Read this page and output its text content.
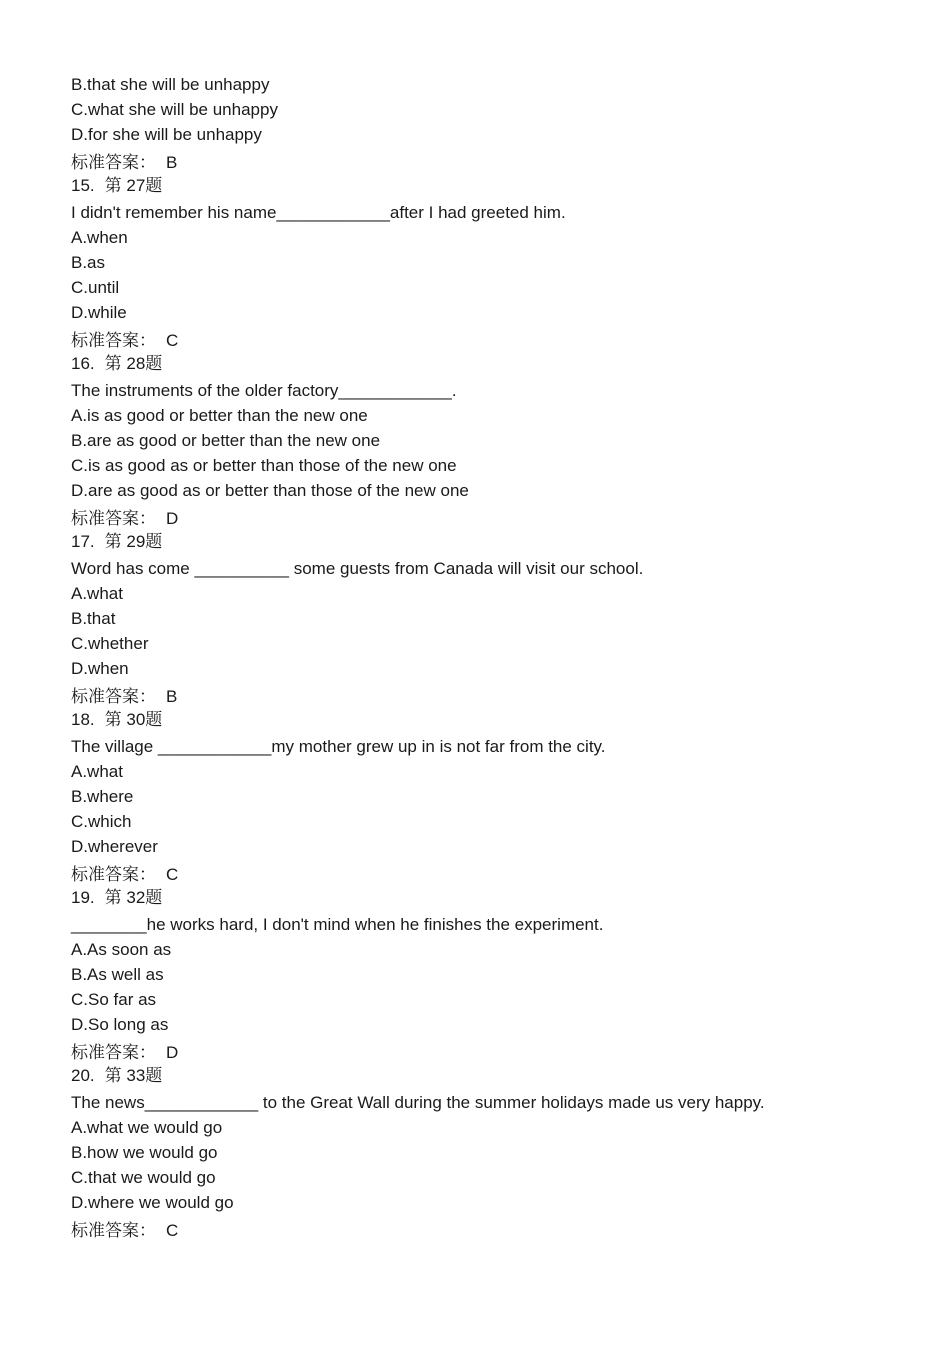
B.that she will be unhappy
C.what she will be unhappy
D.for she will be unhappy
标准答案： B
15. 第 27题
I didn't remember his name____________after I had greeted him.
A.when
B.as
C.until
D.while
标准答案： C
16. 第 28题
The instruments of the older factory____________.
A.is as good or better than the new one
B.are as good or better than the new one
C.is as good as or better than those of the new one
D.are as good as or better than those of the new one
标准答案： D
17. 第 29题
Word has come __________ some guests from Canada will visit our school.
A.what
B.that
C.whether
D.when
标准答案： B
18. 第 30题
The village ____________my mother grew up in is not far from the city.
A.what
B.where
C.which
D.wherever
标准答案： C
19. 第 32题
________he works hard, I don't mind when he finishes the experiment.
A.As soon as
B.As well as
C.So far as
D.So long as
标准答案： D
20. 第 33题
The news____________ to the Great Wall during the summer holidays made us very happy.
A.what we would go
B.how we would go
C.that we would go
D.where we would go
标准答案： C
